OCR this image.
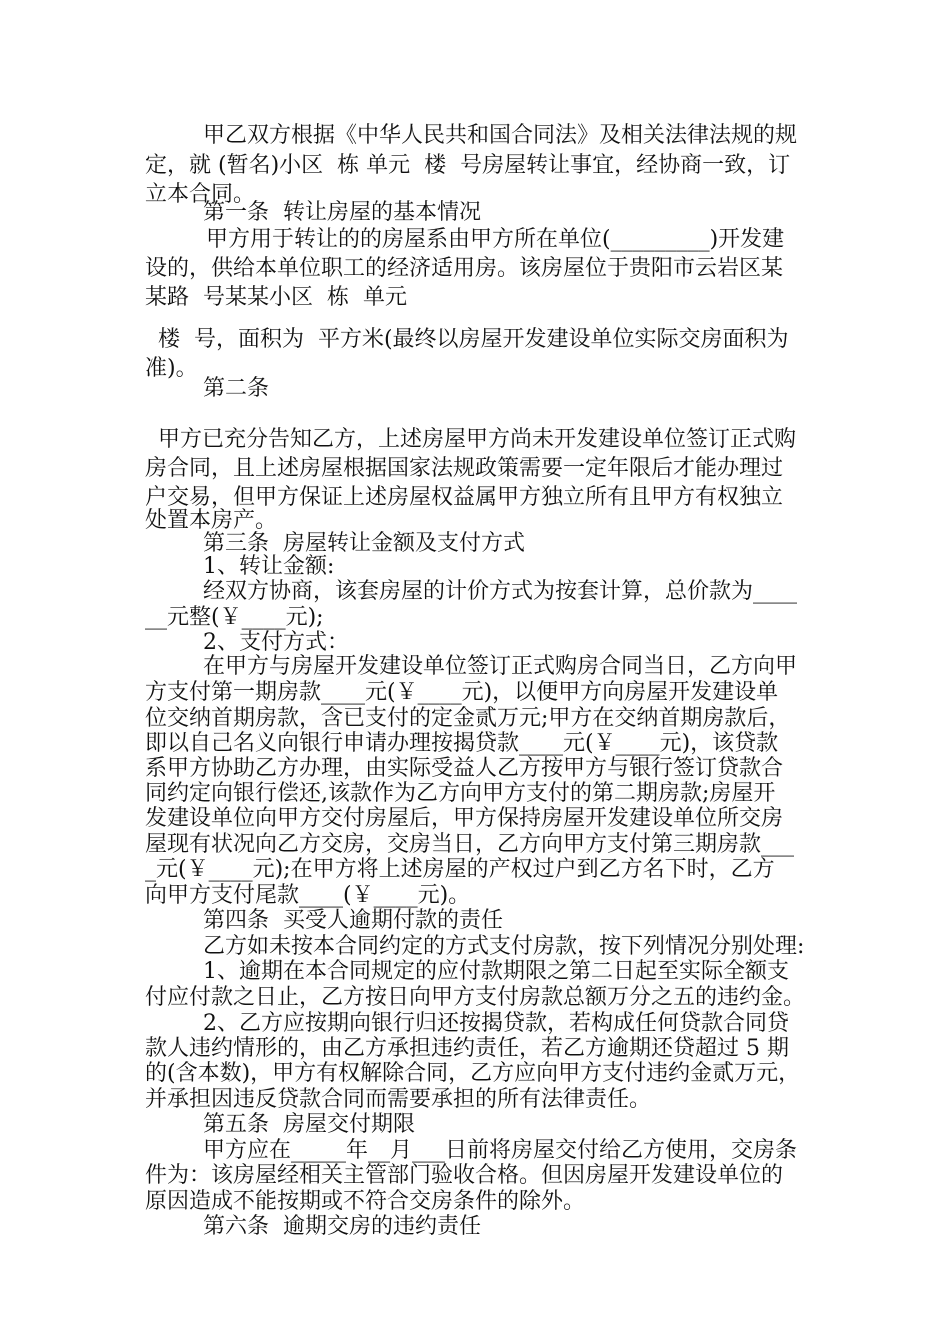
甲乙双方根据《中华人民共和国合同法》及相关法律法规的规
定，就 (暂名)小区  栋 单元  楼  号房屋转让事宜，经协商一致，订
立本合同。
第一条  转让房屋的基本情况
甲方用于转让的的房屋系由甲方所在单位(_________)开发建
设的，供给本单位职工的经济适用房。该房屋位于贵阳市云岩区某
某路  号某某小区  栋  单元
楼  号，面积为  平方米(最终以房屋开发建设单位实际交房面积为
准)。
第二条
甲方已充分告知乙方，上述房屋甲方尚未开发建设单位签订正式购
房合同，且上述房屋根据国家法规政策需要一定年限后才能办理过
户交易，但甲方保证上述房屋权益属甲方独立所有且甲方有权独立
处置本房产。
第三条  房屋转让金额及支付方式
1、转让金额:
经双方协商，该套房屋的计价方式为按套计算，总价款为____
__元整(￥____元);
2、支付方式：
在甲方与房屋开发建设单位签订正式购房合同当日，乙方向甲
方支付第一期房款____元(￥____元)，以便甲方向房屋开发建设单
位交纳首期房款，含已支付的定金贰万元;甲方在交纳首期房款后，
即以自己名义向银行申请办理按揭贷款____元(￥____元)，该贷款
系甲方协助乙方办理，由实际受益人乙方按甲方与银行签订贷款合
同约定向银行偿还,该款作为乙方向甲方支付的第二期房款;房屋开
发建设单位向甲方交付房屋后，甲方保持房屋开发建设单位所交房
屋现有状况向乙方交房，交房当日，乙方向甲方支付第三期房款___
_元(￥____元);在甲方将上述房屋的产权过户到乙方名下时，乙方
向甲方支付尾款____(￥____元)。
第四条  买受人逾期付款的责任
乙方如未按本合同约定的方式支付房款，按下列情况分别处理:
1、逾期在本合同规定的应付款期限之第二日起至实际全额支
付应付款之日止，乙方按日向甲方支付房款总额万分之五的违约金。
2、乙方应按期向银行归还按揭贷款，若构成任何贷款合同贷
款人违约情形的，由乙方承担违约责任，若乙方逾期还贷超过 5 期
的(含本数)，甲方有权解除合同，乙方应向甲方支付违约金贰万元，
并承担因违反贷款合同而需要承担的所有法律责任。
第五条  房屋交付期限
甲方应在_____年__月___日前将房屋交付给乙方使用，交房条
件为：该房屋经相关主管部门验收合格。但因房屋开发建设单位的
原因造成不能按期或不符合交房条件的除外。
第六条  逾期交房的违约责任
